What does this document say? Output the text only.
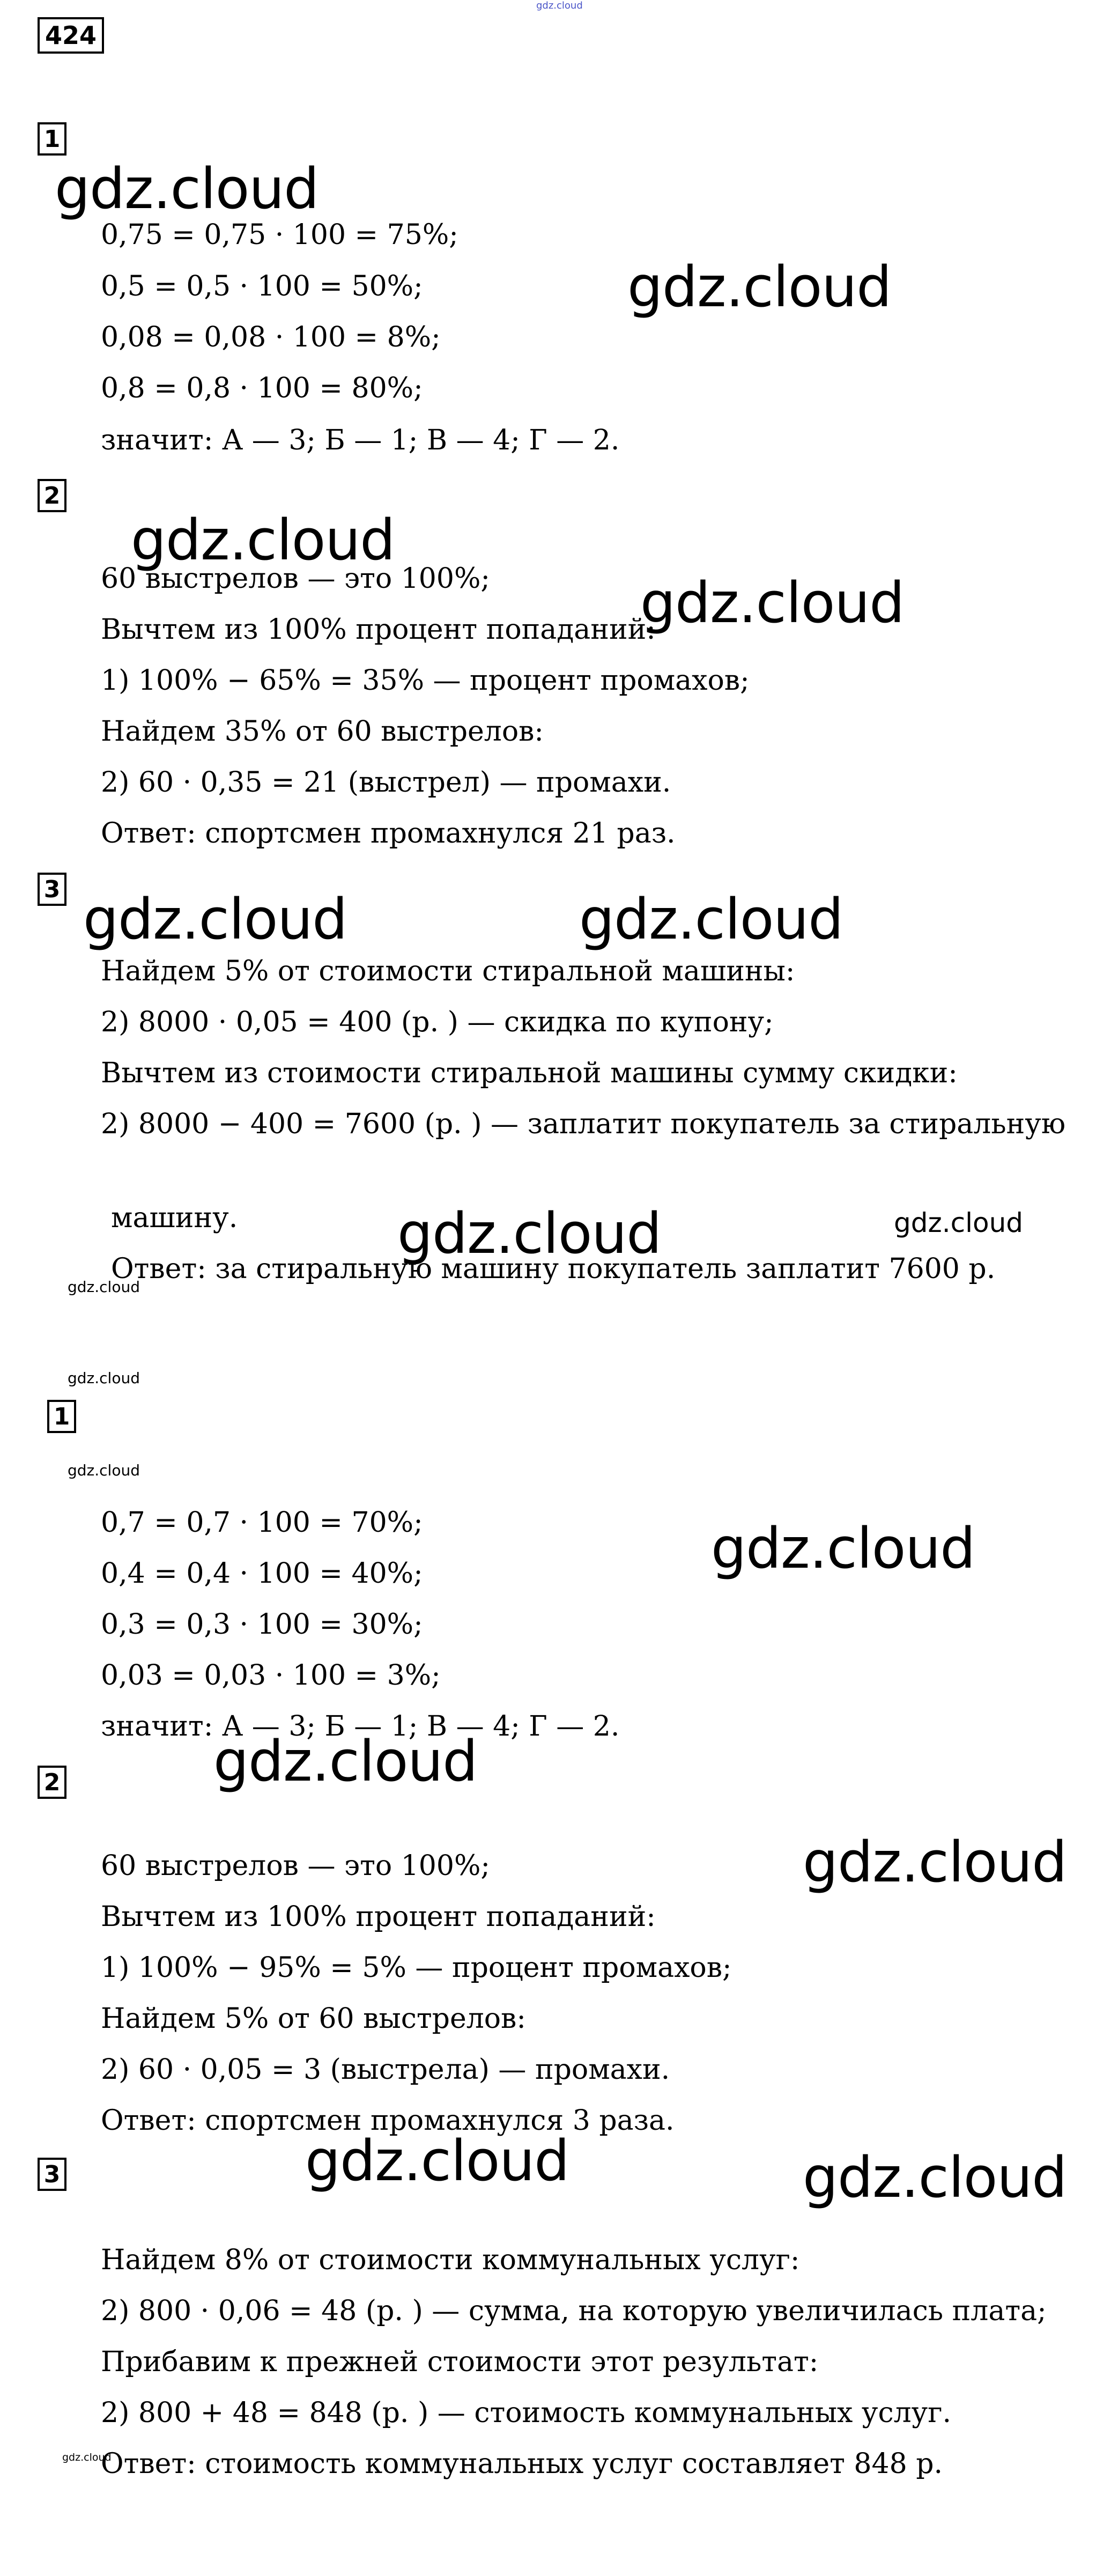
gdz.cloud
424
1
0,75 = 0,75 · 100 = 75%;
0,5 = 0,5 · 100 = 50%;
0,08 = 0,08 · 100 = 8%;
0,8 = 0,8 · 100 = 80%;
значит: А — 3; Б — 1; В — 4; Г — 2.
2
60 выстрелов — это 100%;
Вычтем из 100% процент попаданий:
1) 100% − 65% = 35% — процент промахов;
Найдем 35% от 60 выстрелов:
2) 60 · 0,35 = 21 (выстрел) — промахи.
Ответ: спортсмен промахнулся 21 раз.
3
Найдем 5% от стоимости стиральной машины:
2) 8000 · 0,05 = 400 (р. ) — скидка по купону;
Вычтем из стоимости стиральной машины сумму скидки:
2) 8000 − 400 = 7600 (р. ) — заплатит покупатель за стиральную
машину.
Ответ: за стиральную машину покупатель заплатит 7600 р.
1
0,7 = 0,7 · 100 = 70%;
0,4 = 0,4 · 100 = 40%;
0,3 = 0,3 · 100 = 30%;
0,03 = 0,03 · 100 = 3%;
значит: А — 3; Б — 1; В — 4; Г — 2.
2
60 выстрелов — это 100%;
Вычтем из 100% процент попаданий:
1) 100% − 95% = 5% — процент промахов;
Найдем 5% от 60 выстрелов:
2) 60 · 0,05 = 3 (выстрела) — промахи.
Ответ: спортсмен промахнулся 3 раза.
3
Найдем 8% от стоимости коммунальных услуг:
2) 800 · 0,06 = 48 (р. ) — сумма, на которую увеличилась плата;
Прибавим к прежней стоимости этот результат:
2) 800 + 48 = 848 (р. ) — стоимость коммунальных услуг.
Ответ: стоимость коммунальных услуг составляет 848 р.
gdz.cloud
gdz.cloud
gdz.cloud
gdz.cloud
gdz.cloud	gdz.cloud
gdz.cloud	gdz.cloud
gdz.cloud
gdz.cloud
gdz.cloud
gdz.cloud
gdz.cloud
gdz.cloud
gdz.cloud	gdz.cloud
gdz.cloud
